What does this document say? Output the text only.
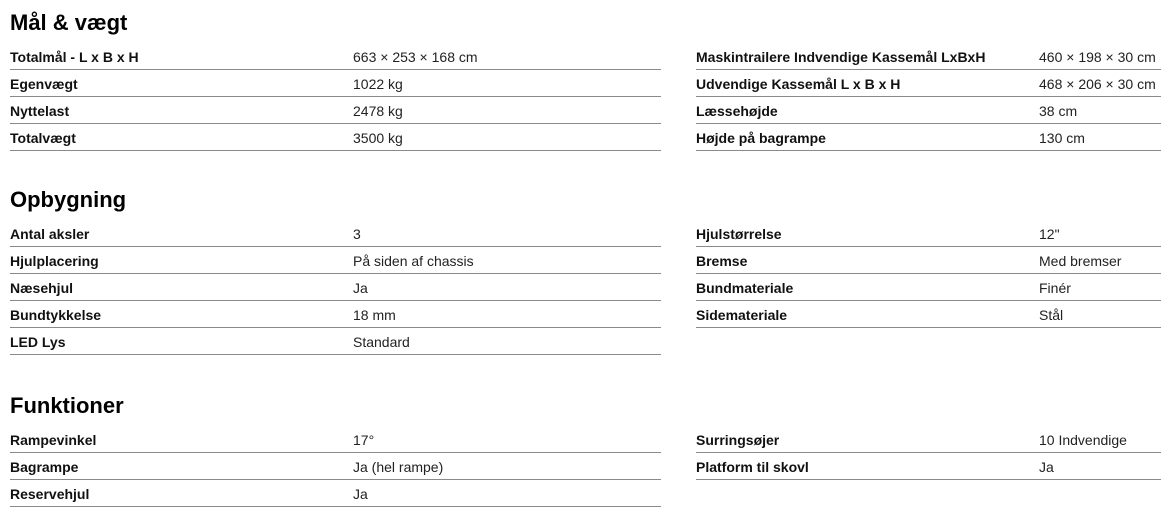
Mål & vægt
Totalmål - L x B x H	663 × 253 × 168 cm
Egenvægt	1022 kg
Nyttelast	2478 kg
Totalvægt	3500 kg
Maskintrailere Indvendige Kassemål LxBxH	460 × 198 × 30 cm
Udvendige Kassemål L x B x H	468 × 206 × 30 cm
Læssehøjde	38 cm
Højde på bagrampe	130 cm
Opbygning
Antal aksler	3
Hjulplacering	På siden af chassis
Næsehjul	Ja
Bundtykkelse	18 mm
LED Lys	Standard
Hjulstørrelse	12"
Bremse	Med bremser
Bundmateriale	Finér
Sidemateriale	Stål
Funktioner
Rampevinkel	17°
Bagrampe	Ja (hel rampe)
Reservehjul	Ja
Surringsøjer	10 Indvendige
Platform til skovl	Ja
